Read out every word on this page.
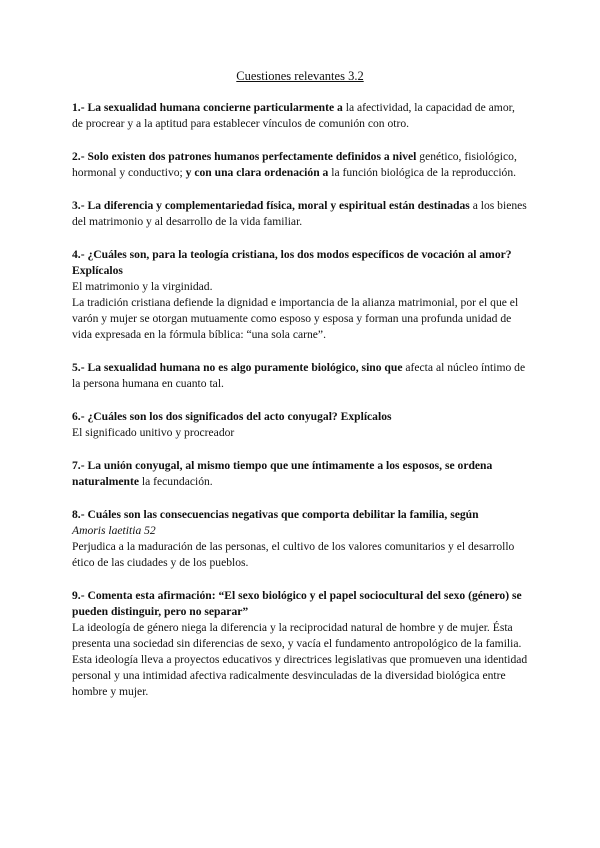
Cuestiones relevantes 3.2

1.- La sexualidad humana concierne particularmente a la afectividad, la capacidad de amor, de procrear y a la aptitud para establecer vínculos de comunión con otro.

2.- Solo existen dos patrones humanos perfectamente definidos a nivel genético, fisiológico, hormonal y conductivo; y con una clara ordenación a la función biológica de la reproducción.

3.- La diferencia y complementariedad física, moral y espiritual están destinadas a los bienes del matrimonio y al desarrollo de la vida familiar.

4.- ¿Cuáles son, para la teología cristiana, los dos modos específicos de vocación al amor? Explícalos

El matrimonio y la virginidad.

La tradición cristiana defiende la dignidad e importancia de la alianza matrimonial, por el que el varón y mujer se otorgan mutuamente como esposo y esposa y forman una profunda unidad de vida expresada en la fórmula bíblica: “una sola carne”.

5.- La sexualidad humana no es algo puramente biológico, sino que afecta al núcleo íntimo de la persona humana en cuanto tal.

6.- ¿Cuáles son los dos significados del acto conyugal? Explícalos

El significado unitivo y procreador

7.- La unión conyugal, al mismo tiempo que une íntimamente a los esposos, se ordena naturalmente la fecundación.

8.- Cuáles son las consecuencias negativas que comporta debilitar la familia, según

Amoris laetitia 52

Perjudica a la maduración de las personas, el cultivo de los valores comunitarios y el desarrollo ético de las ciudades y de los pueblos.

9.- Comenta esta afirmación: “El sexo biológico y el papel sociocultural del sexo (género) se pueden distinguir, pero no separar”

La ideología de género niega la diferencia y la reciprocidad natural de hombre y de mujer. Ésta presenta una sociedad sin diferencias de sexo, y vacía el fundamento antropológico de la familia. Esta ideología lleva a proyectos educativos y directrices legislativas que promueven una identidad personal y una intimidad afectiva radicalmente desvinculadas de la diversidad biológica entre hombre y mujer.
